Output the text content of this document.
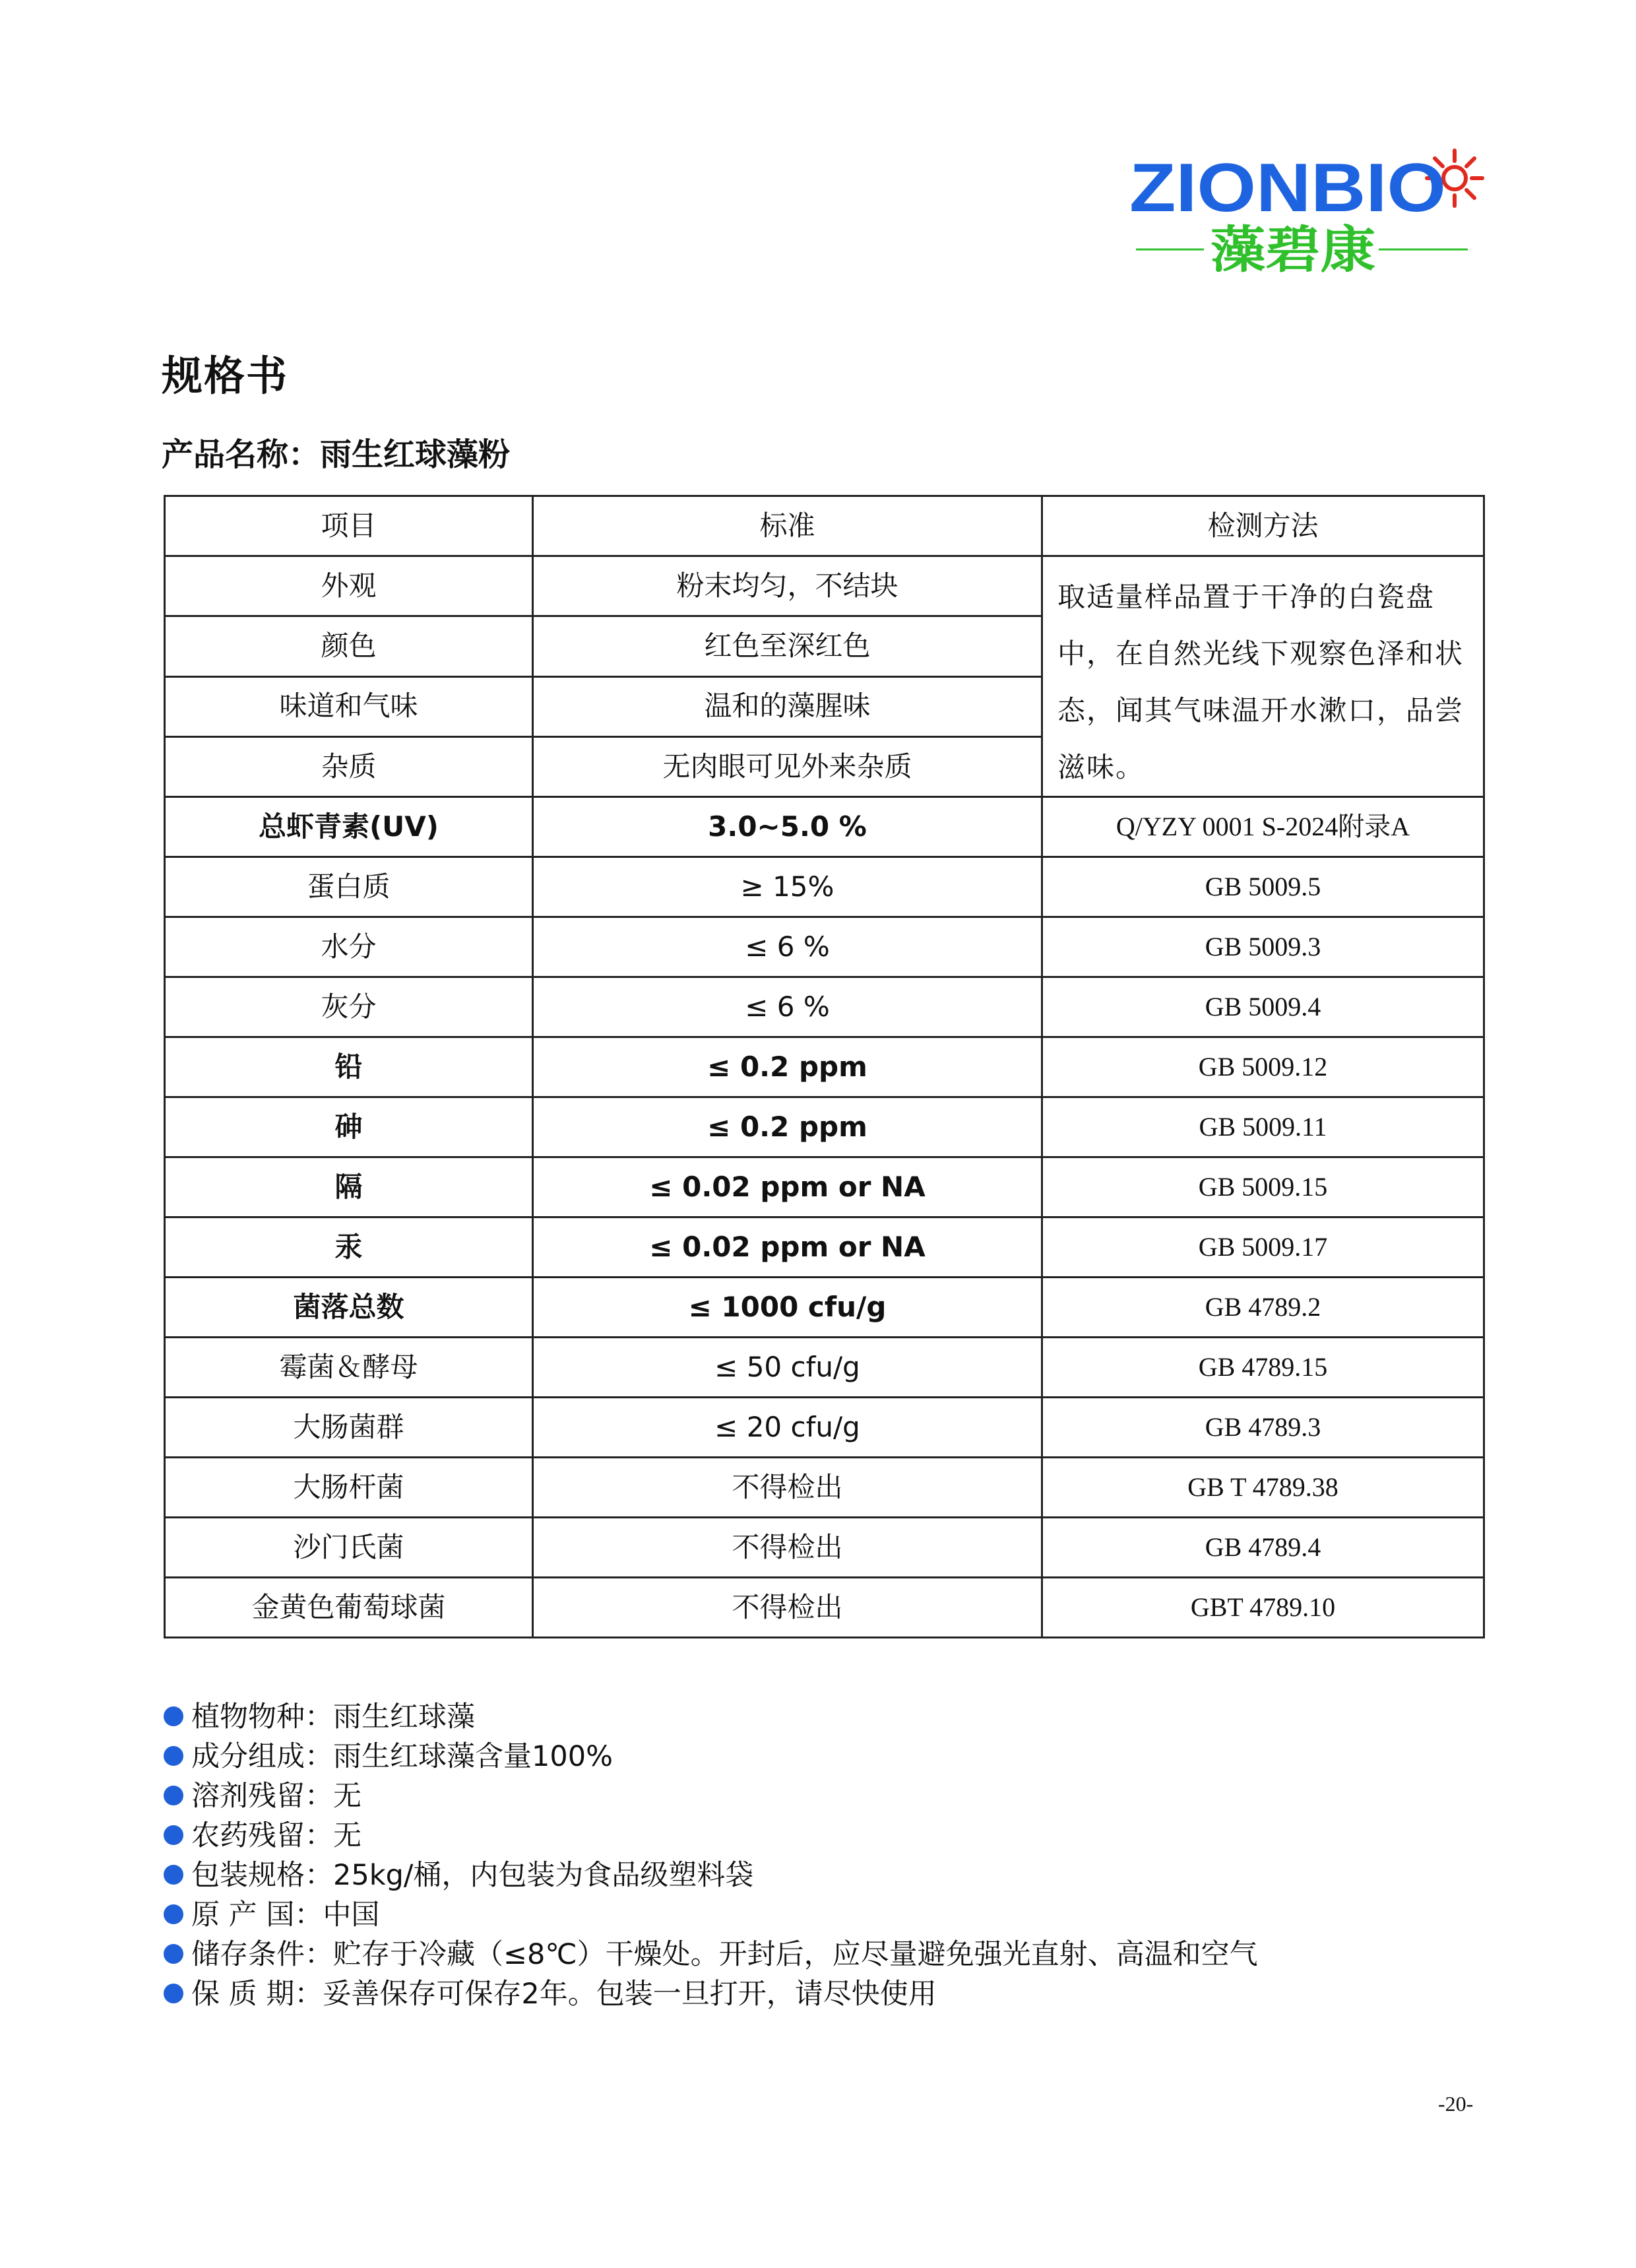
ZIONBIO
藻碧康
规格书
产品名称：雨生红球藻粉
项目	标准	检测方法
外观	粉末均匀，不结块	取适量样品置于干净的白瓷盘中，在自然光线下观察色泽和状态，闻其气味温开水漱口，品尝滋味。
颜色	红色至深红色	
味道和气味	温和的藻腥味	
杂质	无肉眼可见外来杂质	
总虾青素(UV)	3.0~5.0 %	Q/YZY 0001 S-2024附录A
蛋白质	≥ 15%	GB 5009.5
水分	≤ 6 %	GB 5009.3
灰分	≤ 6 %	GB 5009.4
铅	≤ 0.2 ppm	GB 5009.12
砷	≤ 0.2 ppm	GB 5009.11
隔	≤ 0.02 ppm or NA	GB 5009.15
汞	≤ 0.02 ppm or NA	GB 5009.17
菌落总数	≤ 1000 cfu/g	GB 4789.2
霉菌＆酵母	≤ 50 cfu/g	GB 4789.15
大肠菌群	≤ 20 cfu/g	GB 4789.3
大肠杆菌	不得检出	GB T 4789.38
沙门氏菌	不得检出	GB 4789.4
金黄色葡萄球菌	不得检出	GBT 4789.10
植物物种：雨生红球藻
成分组成：雨生红球藻含量100%
溶剂残留：无
农药残留：无
包装规格：25kg/桶，内包装为食品级塑料袋
原 产 国：中国
储存条件：贮存于冷藏（≤8℃）干燥处。开封后，应尽量避免强光直射、高温和空气
保 质 期：妥善保存可保存2年。包装一旦打开，请尽快使用
-20-
